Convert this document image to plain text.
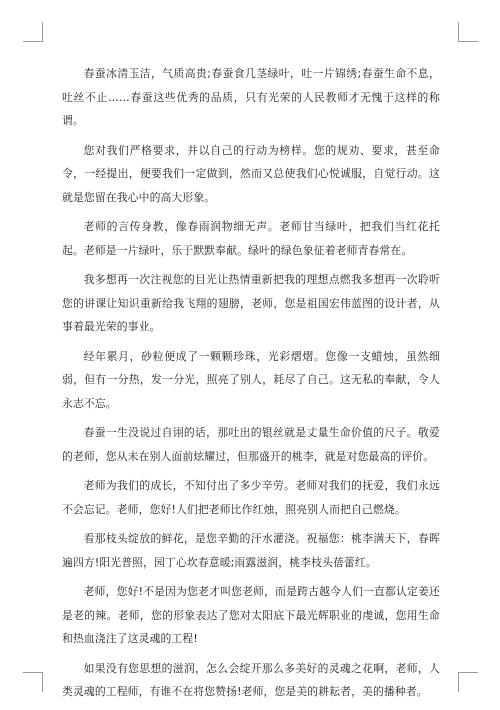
春蚕冰清玉洁，气质高贵;春蚕食几茎绿叶，吐一片锦绣;春蚕生命不息，吐丝不止……春蚕这些优秀的品质，只有光荣的人民教师才无愧于这样的称谓。

您对我们严格要求，并以自己的行动为榜样。您的规劝、要求，甚至命令，一经提出，便要我们一定做到，然而又总使我们心悦诚服，自觉行动。这就是您留在我心中的高大形象。

老师的言传身教，像春雨润物细无声。老师甘当绿叶，把我们当红花托起。老师是一片绿叶，乐于默默奉献。绿叶的绿色象征着老师青春常在。

我多想再一次注视您的目光让热情重新把我的理想点燃我多想再一次聆听您的讲课让知识重新给我飞翔的翅膀，老师，您是祖国宏伟蓝图的设计者，从事着最光荣的事业。

经年累月，砂粒便成了一颗颗珍珠，光彩熠熠。您像一支蜡烛，虽然细弱，但有一分热，发一分光，照亮了别人，耗尽了自己。这无私的奉献，令人永志不忘。

春蚕一生没说过自诩的话，那吐出的银丝就是丈量生命价值的尺子。敬爱的老师，您从未在别人面前炫耀过，但那盛开的桃李，就是对您最高的评价。

老师为我们的成长，不知付出了多少辛劳。老师对我们的抚爱，我们永远不会忘记。老师，您好!人们把老师比作红烛，照亮别人而把自己燃烧。

看那枝头绽放的鲜花，是您辛勤的汗水灌浇。祝福您：桃李满天下，春晖遍四方!阳光普照，园丁心坎春意暖;雨露滋润，桃李枝头蓓蕾红。

老师，您好!不是因为您老才叫您老师，而是跨古越今人们一直都认定姜还是老的辣。老师，您的形象表达了您对太阳底下最光辉职业的虔诚，您用生命和热血浇注了这灵魂的工程!

如果没有您思想的滋润，怎么会绽开那么多美好的灵魂之花啊，老师，人类灵魂的工程师，有谁不在将您赞扬!老师，您是美的耕耘者，美的播种者。
